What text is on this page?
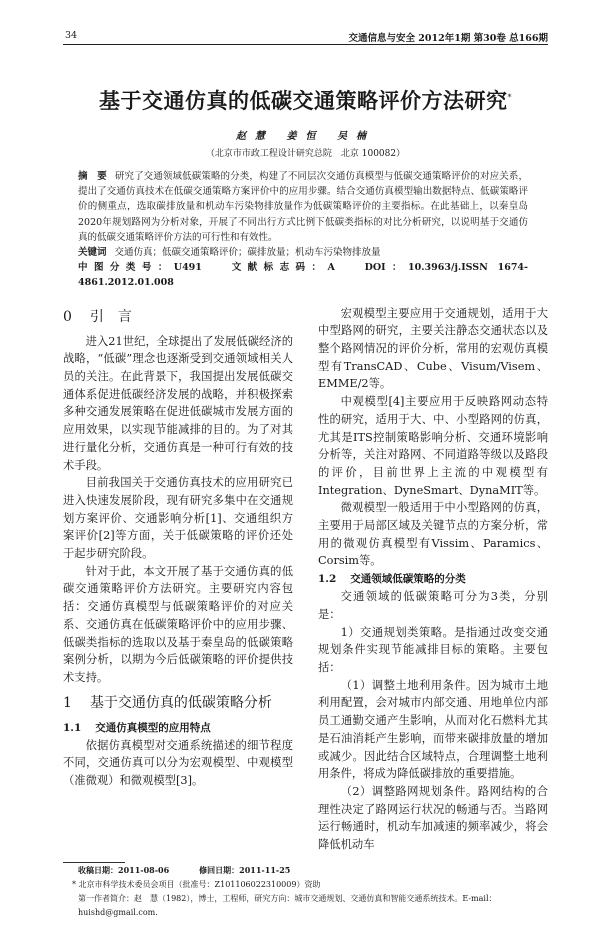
34	交通信息与安全 2012年1期 第30卷 总166期
基于交通仿真的低碳交通策略评价方法研究*
赵慧 姜恒 吴楠
（北京市市政工程设计研究总院　北京 100082）
摘　要 研究了交通领域低碳策略的分类，构建了不同层次交通仿真模型与低碳交通策略评价的对应关系，提出了交通仿真技术在低碳交通策略方案评价中的应用步骤。结合交通仿真模型输出数据特点、低碳策略评价的侧重点，选取碳排放量和机动车污染物排放量作为低碳策略评价的主要指标。在此基础上，以秦皇岛2020年规划路网为分析对象，开展了不同出行方式比例下低碳类指标的对比分析研究，以说明基于交通仿真的低碳交通策略评价方法的可行性和有效性。
关键词 交通仿真；低碳交通策略评价；碳排放量；机动车污染物排放量
中图分类号：U491	文献标志码：A	DOI：10.3963/j.ISSN 1674-4861.2012.01.008
0 引　言

进入21世纪，全球提出了发展低碳经济的战略，“低碳”理念也逐渐受到交通领域相关人员的关注。在此背景下，我国提出发展低碳交通体系促进低碳经济发展的战略，并积极探索多种交通发展策略在促进低碳城市发展方面的应用效果，以实现节能减排的目的。为了对其进行量化分析，交通仿真是一种可行有效的技术手段。

目前我国关于交通仿真技术的应用研究已进入快速发展阶段，现有研究多集中在交通规划方案评价、交通影响分析[1]、交通组织方案评价[2]等方面，关于低碳策略的评价还处于起步研究阶段。

针对于此，本文开展了基于交通仿真的低碳交通策略评价方法研究。主要研究内容包括：交通仿真模型与低碳策略评价的对应关系、交通仿真在低碳策略评价中的应用步骤、低碳类指标的选取以及基于秦皇岛的低碳策略案例分析，以期为今后低碳策略的评价提供技术支持。

1 基于交通仿真的低碳策略分析
1.1 交通仿真模型的应用特点

依据仿真模型对交通系统描述的细节程度不同，交通仿真可以分为宏观模型、中观模型（准微观）和微观模型[3]。

宏观模型主要应用于交通规划，适用于大中型路网的研究，主要关注静态交通状态以及整个路网情况的评价分析，常用的宏观仿真模型有TransCAD、Cube、Visum/Visem、EMME/2等。

中观模型[4]主要应用于反映路网动态特性的研究，适用于大、中、小型路网的仿真，尤其是ITS控制策略影响分析、交通环境影响分析等，关注对路网、不同道路等级以及路段的评价，目前世界上主流的中观模型有Integration、DyneSmart、DynaMIT等。

微观模型一般适用于中小型路网的仿真，主要用于局部区域及关键节点的方案分析，常用的微观仿真模型有Vissim、Paramics、Corsim等。

1.2 交通领域低碳策略的分类

交通领域的低碳策略可分为3类，分别是：

1）交通规划类策略。是指通过改变交通规划条件实现节能减排目标的策略。主要包括：

（1）调整土地利用条件。因为城市土地利用配置，会对城市内部交通、用地单位内部员工通勤交通产生影响，从而对化石燃料尤其是石油消耗产生影响，而带来碳排放量的增加或减少。因此结合区域特点，合理调整土地利用条件，将成为降低碳排放的重要措施。

（2）调整路网规划条件。路网结构的合理性决定了路网运行状况的畅通与否。当路网运行畅通时，机动车加减速的频率减少，将会降低机动车

收稿日期：2011-08-06	修回日期：2011-11-25
* 北京市科学技术委员会项目（批准号：Z101106022310009）资助
第一作者简介：赵　慧（1982），博士，工程师，研究方向：城市交通规划、交通仿真和智能交通系统技术。E-mail：huishd@gmail.com.
